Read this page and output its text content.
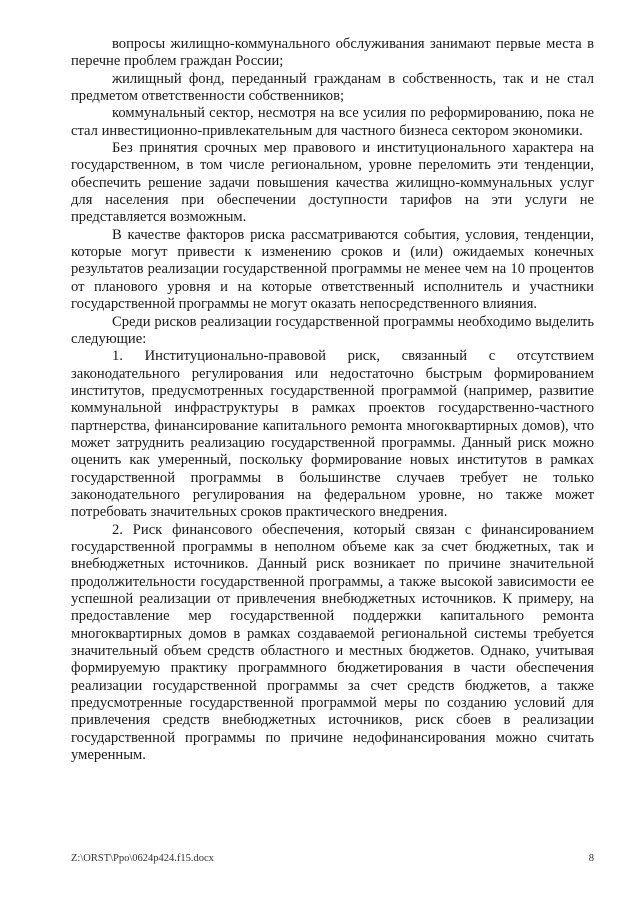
вопросы жилищно-коммунального обслуживания занимают первые места в перечне проблем граждан России;

жилищный фонд, переданный гражданам в собственность, так и не стал предметом ответственности собственников;

коммунальный сектор, несмотря на все усилия по реформированию, пока не стал инвестиционно-привлекательным для частного бизнеса сектором экономики.

Без принятия срочных мер правового и институционального характера на государственном, в том числе региональном, уровне переломить эти тенденции, обеспечить решение задачи повышения качества жилищно-коммунальных услуг для населения при обеспечении доступности тарифов на эти услуги не представляется возможным.

В качестве факторов риска рассматриваются события, условия, тенденции, которые могут привести к изменению сроков и (или) ожидаемых конечных результатов реализации государственной программы не менее чем на 10 процентов от планового уровня и на которые ответственный исполнитель и участники государственной программы не могут оказать непосредственного влияния.

Среди рисков реализации государственной программы необходимо выделить следующие:

1. Институционально-правовой риск, связанный с отсутствием законодательного регулирования или недостаточно быстрым формированием институтов, предусмотренных государственной программой (например, развитие коммунальной инфраструктуры в рамках проектов государственно-частного партнерства, финансирование капитального ремонта многоквартирных домов), что может затруднить реализацию государственной программы. Данный риск можно оценить как умеренный, поскольку формирование новых институтов в рамках государственной программы в большинстве случаев требует не только законодательного регулирования на федеральном уровне, но также может потребовать значительных сроков практического внедрения.

2. Риск финансового обеспечения, который связан с финансированием государственной программы в неполном объеме как за счет бюджетных, так и внебюджетных источников. Данный риск возникает по причине значительной продолжительности государственной программы, а также высокой зависимости ее успешной реализации от привлечения внебюджетных источников. К примеру, на предоставление мер государственной поддержки капитального ремонта многоквартирных домов в рамках создаваемой региональной системы требуется значительный объем средств областного и местных бюджетов. Однако, учитывая формируемую практику программного бюджетирования в части обеспечения реализации государственной программы за счет средств бюджетов, а также предусмотренные государственной программой меры по созданию условий для привлечения средств внебюджетных источников, риск сбоев в реализации государственной программы по причине недофинансирования можно считать умеренным.

Z:\ORST\Ppo\0624p424.f15.docx	8
